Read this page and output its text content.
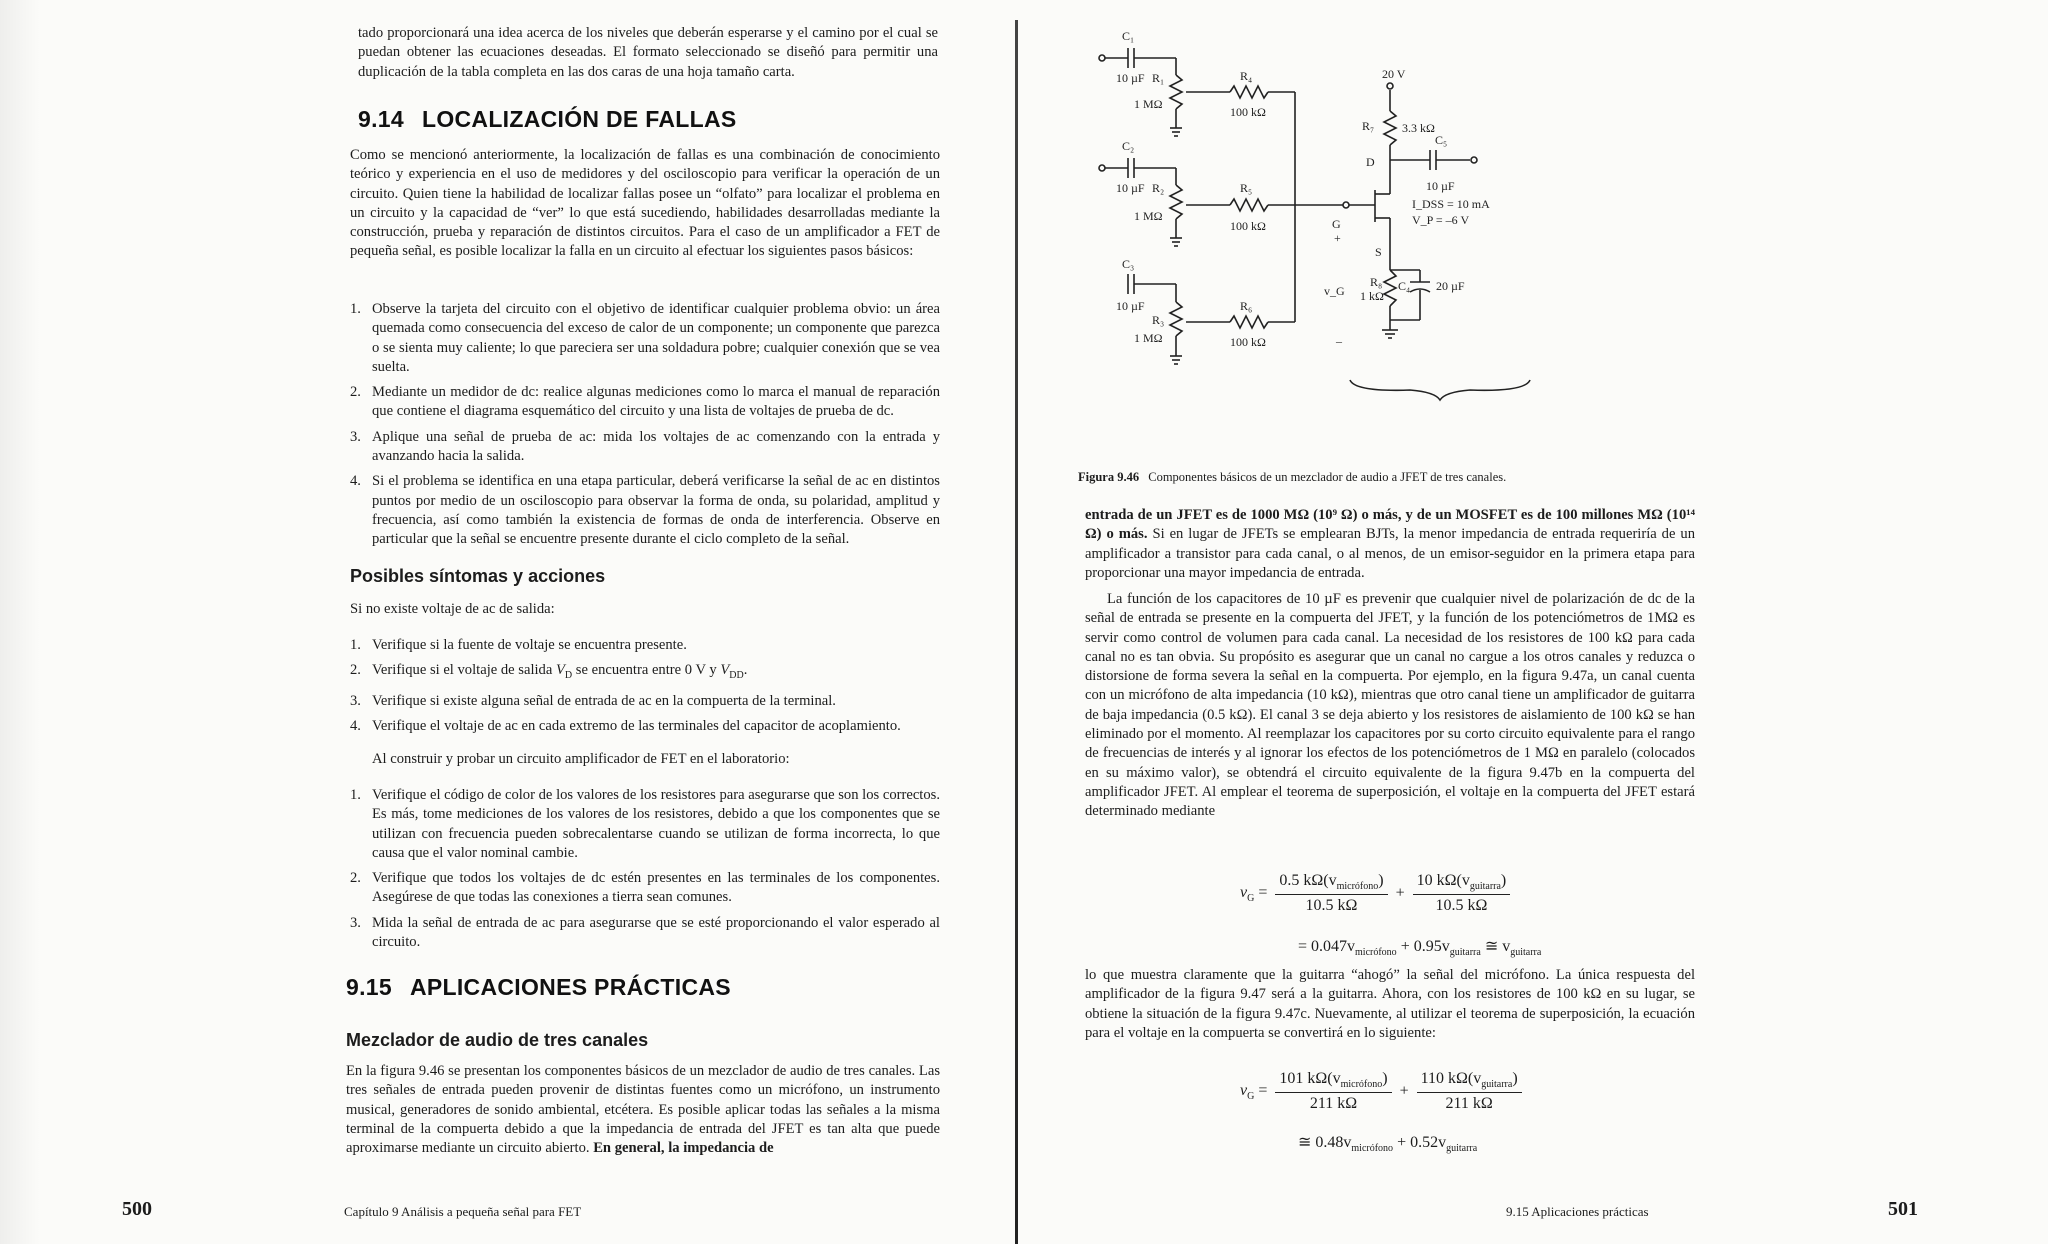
tado proporcionará una idea acerca de los niveles que deberán esperarse y el camino por el cual se puedan obtener las ecuaciones deseadas. El formato seleccionado se diseñó para permitir una duplicación de la tabla completa en las dos caras de una hoja tamaño carta.

9.14 LOCALIZACIÓN DE FALLAS

Como se mencionó anteriormente, la localización de fallas es una combinación de conocimiento teórico y experiencia en el uso de medidores y del osciloscopio para verificar la operación de un circuito. Quien tiene la habilidad de localizar fallas posee un “olfato” para localizar el problema en un circuito y la capacidad de “ver” lo que está sucediendo, habilidades desarrolladas mediante la construcción, prueba y reparación de distintos circuitos. Para el caso de un amplificador a FET de pequeña señal, es posible localizar la falla en un circuito al efectuar los siguientes pasos básicos:

1. Observe la tarjeta del circuito con el objetivo de identificar cualquier problema obvio: un área quemada como consecuencia del exceso de calor de un componente; un componente que parezca o se sienta muy caliente; lo que pareciera ser una soldadura pobre; cualquier conexión que se vea suelta.
2. Mediante un medidor de dc: realice algunas mediciones como lo marca el manual de reparación que contiene el diagrama esquemático del circuito y una lista de voltajes de prueba de dc.
3. Aplique una señal de prueba de ac: mida los voltajes de ac comenzando con la entrada y avanzando hacia la salida.
4. Si el problema se identifica en una etapa particular, deberá verificarse la señal de ac en distintos puntos por medio de un osciloscopio para observar la forma de onda, su polaridad, amplitud y frecuencia, así como también la existencia de formas de onda de interferencia. Observe en particular que la señal se encuentre presente durante el ciclo completo de la señal.
Posibles síntomas y acciones

Si no existe voltaje de ac de salida:

1. Verifique si la fuente de voltaje se encuentra presente.
2. Verifique si el voltaje de salida $V_D$ se encuentra entre 0 V y $V_{DD}$.
3. Verifique si existe alguna señal de entrada de ac en la compuerta de la terminal.
4. Verifique el voltaje de ac en cada extremo de las terminales del capacitor de acoplamiento.

Al construir y probar un circuito amplificador de FET en el laboratorio:

1. Verifique el código de color de los valores de los resistores para asegurarse que son los correctos. Es más, tome mediciones de los valores de los resistores, debido a que los componentes que se utilizan con frecuencia pueden sobrecalentarse cuando se utilizan de forma incorrecta, lo que causa que el valor nominal cambie.
2. Verifique que todos los voltajes de dc estén presentes en las terminales de los componentes. Asegúrese de que todas las conexiones a tierra sean comunes.
3. Mida la señal de entrada de ac para asegurarse que se esté proporcionando el valor esperado al circuito.
9.15 APLICACIONES PRÁCTICAS
Mezclador de audio de tres canales

En la figura 9.46 se presentan los componentes básicos de un mezclador de audio de tres canales. Las tres señales de entrada pueden provenir de distintas fuentes como un micrófono, un instrumento musical, generadores de sonido ambiental, etcétera. Es posible aplicar todas las señales a la misma terminal de la compuerta debido a que la impedancia de entrada del JFET es tan alta que puede aproximarse mediante un circuito abierto. En general, la impedancia de

500	Capítulo 9 Análisis a pequeña señal para FET
C₁
10 µF R₁
1 MΩ
R₄
100 kΩ
C₂
10 µF R₂
1 MΩ
R₅
100 kΩ
C₃
10 µF
R₃
1 MΩ
R₆
100 kΩ
20 V
R₇ 3.3 kΩ
D
C₅
10 µF
I_DSS = 10 mA
V_P = –6 V
G
+
S
v_G
R₈
1 kΩ
C₄ 20 µF
–
Figura 9.46 Componentes básicos de un mezclador de audio a JFET de tres canales.

entrada de un JFET es de 1000 MΩ (10⁹ Ω) o más, y de un MOSFET es de 100 millones MΩ (10¹⁴ Ω) o más. Si en lugar de JFETs se emplearan BJTs, la menor impedancia de entrada requeriría de un amplificador a transistor para cada canal, o al menos, de un emisor-seguidor en la primera etapa para proporcionar una mayor impedancia de entrada.

La función de los capacitores de 10 µF es prevenir que cualquier nivel de polarización de dc de la señal de entrada se presente en la compuerta del JFET, y la función de los potenciómetros de 1MΩ es servir como control de volumen para cada canal. La necesidad de los resistores de 100 kΩ para cada canal no es tan obvia. Su propósito es asegurar que un canal no cargue a los otros canales y reduzca o distorsione de forma severa la señal en la compuerta. Por ejemplo, en la figura 9.47a, un canal cuenta con un micrófono de alta impedancia (10 kΩ), mientras que otro canal tiene un amplificador de guitarra de baja impedancia (0.5 kΩ). El canal 3 se deja abierto y los resistores de aislamiento de 100 kΩ se han eliminado por el momento. Al reemplazar los capacitores por su corto circuito equivalente para el rango de frecuencias de interés y al ignorar los efectos de los potenciómetros de 1 MΩ en paralelo (colocados en su máximo valor), se obtendrá el circuito equivalente de la figura 9.47b en la compuerta del amplificador JFET. Al emplear el teorema de superposición, el voltaje en la compuerta del JFET estará determinado mediante

$v_G = \frac{0.5 k\Omega(v_{micrófono})}{10.5 k\Omega} + \frac{10 k\Omega(v_{guitarra})}{10.5 k\Omega}$
= $0.047v_{micrófono} + 0.95v_{guitarra}$ ≅ $v_{guitarra}$

lo que muestra claramente que la guitarra “ahogó” la señal del micrófono. La única respuesta del amplificador de la figura 9.47 será a la guitarra. Ahora, con los resistores de 100 kΩ en su lugar, se obtiene la situación de la figura 9.47c. Nuevamente, al utilizar el teorema de superposición, la ecuación para el voltaje en la compuerta se convertirá en lo siguiente:

$v_G = \frac{101 k\Omega(v_{micrófono})}{211 k\Omega} + \frac{110 k\Omega(v_{guitarra})}{211 k\Omega}$
≅ $0.48v_{micrófono} + 0.52v_{guitarra}$
9.15 Aplicaciones prácticas	501
